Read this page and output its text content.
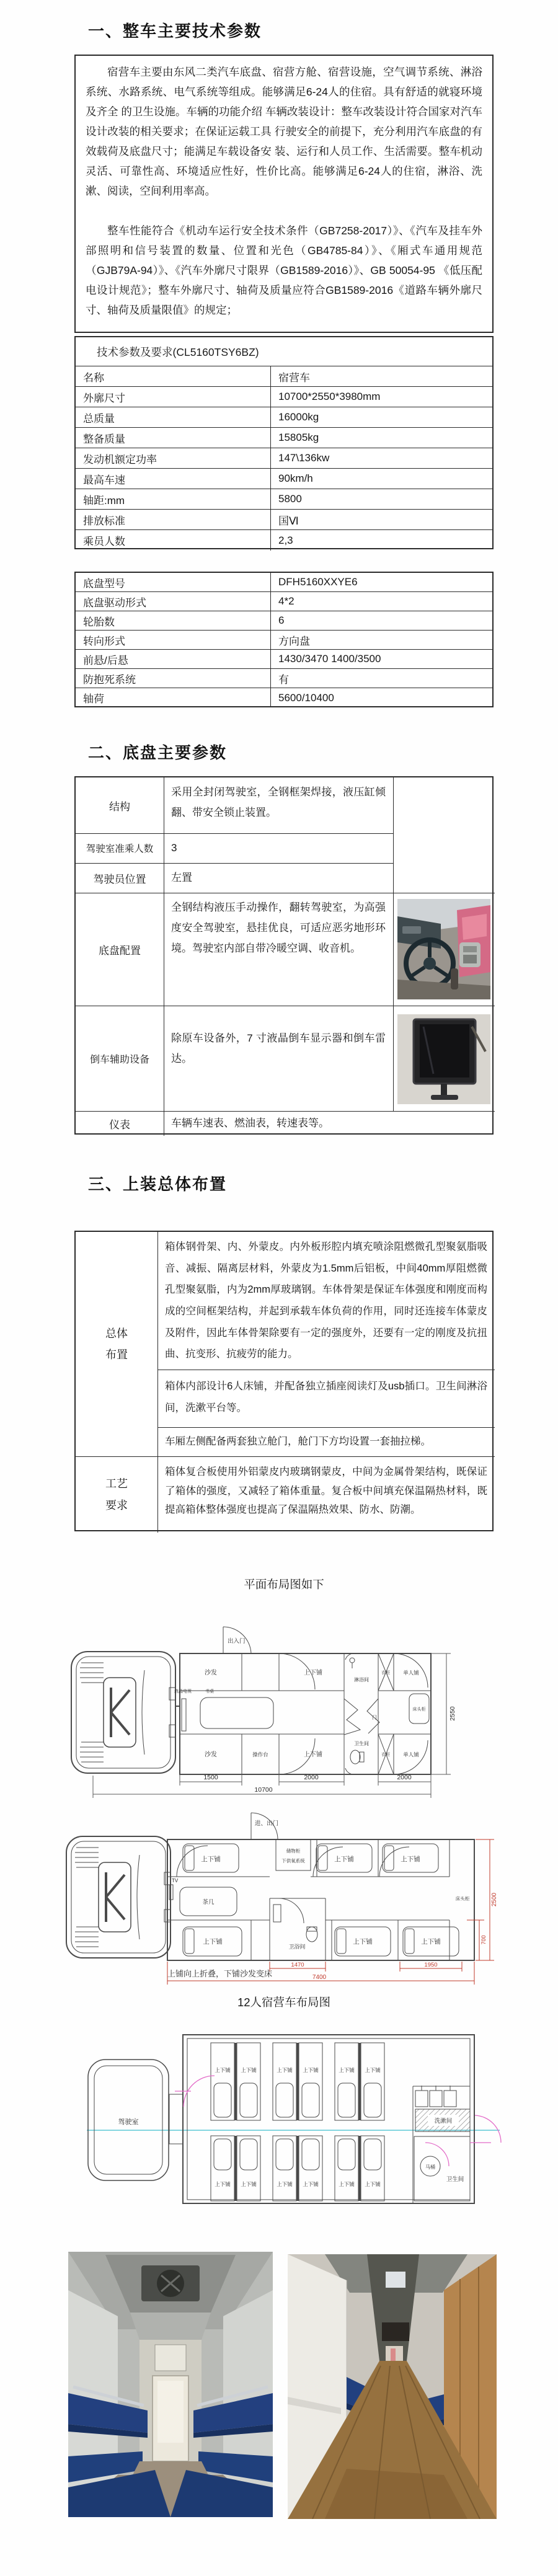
一、整车主要技术参数

宿营车主要由东风二类汽车底盘、宿营方舱、宿营设施，空气调节系统、淋浴系统、水路系统、电气系统等组成。能够满足6-24人的住宿。具有舒适的就寝环境及齐全 的卫生设施。车辆的功能介绍 车辆改装设计：整车改装设计符合国家对汽车设计改装的相关要求；在保证运载工具 行驶安全的前提下，充分利用汽车底盘的有效载荷及底盘尺寸；能满足车载设备安 装、运行和人员工作、生活需要。整车机动灵活、可靠性高、环境适应性好，性价比高。能够满足6-24人的住宿，淋浴、洗漱、阅读，空间利用率高。

整车性能符合《机动车运行安全技术条件（GB7258-2017）》、《汽车及挂车外部照明和信号装置的数量、位置和光色（GB4785-84）》、《厢式车通用规范（GJB79A-94）》、《汽车外廓尺寸限界（GB1589-2016）》、GB 50054-95 《低压配电设计规范》；整车外廓尺寸、轴荷及质量应符合GB1589-2016《道路车辆外廓尺寸、轴荷及质量限值》的规定；

技术参数及要求(CL5160TSY6BZ)
名称	宿营车
外廓尺寸	10700*2550*3980mm
总质量	16000kg
整备质量	15805kg
发动机额定功率	147\136kw
最高车速	90km/h
轴距:mm	5800
排放标准	国Ⅵ
乘员人数	2,3
底盘型号	DFH5160XXYE6
底盘驱动形式	4*2
轮胎数	6
转向形式	方向盘
前悬/后悬	1430/3470 1400/3500
防抱死系统	有
轴荷	5600/10400
二、底盘主要参数
结构
采用全封闭驾驶室，全钢框架焊接，液压缸倾翻、带安全锁止装置。
驾驶室准乘人数	3
驾驶员位置	左置
底盘配置
全钢结构液压手动操作，翻转驾驶室，为高强度安全驾驶室，悬挂优良，可适应恶劣地形环境。驾驶室内部自带冷暖空调、收音机。
倒车辅助设备
除原车设备外，7 寸液晶倒车显示器和倒车雷达。
仪表	车辆车速表、燃油表，转速表等。
三、上装总体布置
总体布置
箱体钢骨架、内、外蒙皮。内外板形腔内填充喷涂阻燃微孔型聚氨脂吸音、减振、隔离层材料，外蒙皮为1.5mm后铝板，中间40mm厚阻燃微孔型聚氨脂，内为2mm厚玻璃钢。车体骨架是保证车体强度和刚度而构成的空间框架结构，并起到承载车体负荷的作用，同时还连接车体蒙皮及附件，因此车体骨架除要有一定的强度外，还要有一定的刚度及抗扭曲、抗变形、抗疲劳的能力。
箱体内部设计6人床铺，并配备独立插座阅读灯及usb插口。卫生间淋浴间，洗漱平台等。
车厢左侧配备两套独立舱门，舱门下方均设置一套抽拉梯。
工艺要求
箱体复合板使用外铝蒙皮内玻璃钢蒙皮，中间为金属骨架结构，既保证了箱体的强度，又减轻了箱体重量。复合板中间填充保温隔热材料，既提高箱体整体强度也提高了保温隔热效果、防水、防潮。
平面布局图如下
出入门
沙发	上下铺
淋浴间
衣柜 单人铺
液晶电视	书桌
门
床头柜
沙发	操作台	上下铺
卫生间
衣柜 单人铺
1500	2000	2000
10700
2550
进、出门
上下铺
储物柜
下供氧系统	上下铺	上下铺
TV
茶几
卫浴间
床头柜
上下铺	上下铺	上下铺
上铺向上折叠，下铺沙发变床
2500
700
1470	1950
7400
12人宿营车布局图
驾驶室
上下铺 上下铺	上下铺 上下铺	上下铺 上下铺
上下铺 上下铺	上下铺 上下铺	上下铺 上下铺
洗漱间
马桶
卫生间
